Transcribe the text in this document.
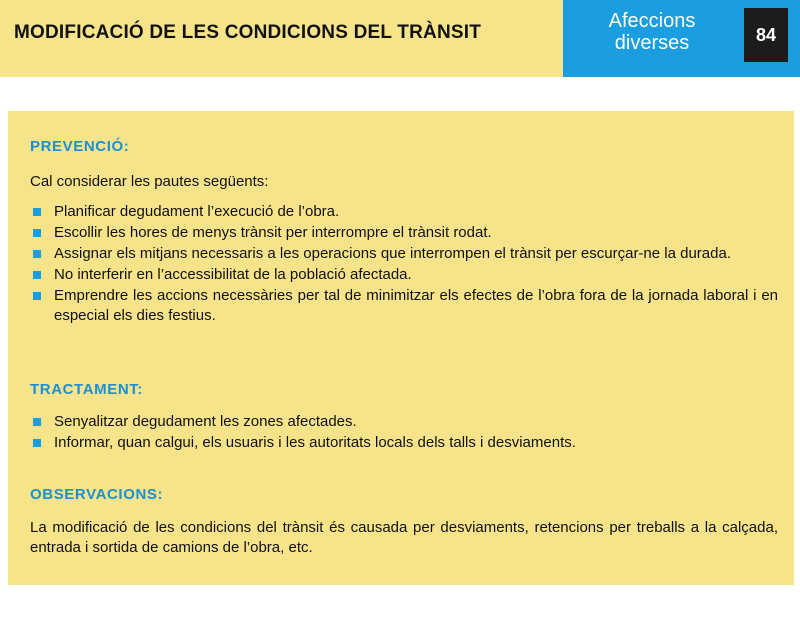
MODIFICACIÓ DE LES CONDICIONS DEL TRÀNSIT
Afeccions
diverses	84
PREVENCIÓ:
Cal considerar les pautes següents:
Planificar degudament l’execució de l’obra.
Escollir les hores de menys trànsit per interrompre el trànsit rodat.
Assignar els mitjans necessaris a les operacions que interrompen el trànsit per escurçar-ne la durada.
No interferir en l’accessibilitat de la població afectada.
Emprendre les accions necessàries per tal de minimitzar els efectes de l’obra fora de la jornada laboral i en especial els dies festius.
TRACTAMENT:
Senyalitzar degudament les zones afectades.
Informar, quan calgui, els usuaris i les autoritats locals dels talls i desviaments.
OBSERVACIONS:
La modificació de les condicions del trànsit és causada per desviaments, retencions per treballs a la calçada, entrada i sortida de camions de l’obra, etc.
